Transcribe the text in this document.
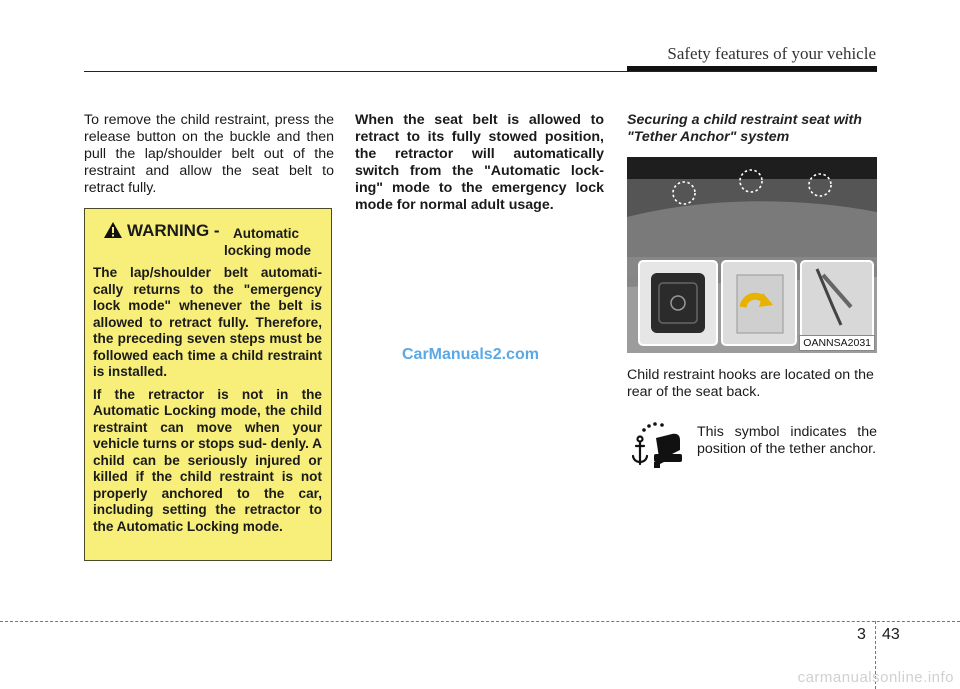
Safety features of your vehicle
To remove the child restraint, press the release button on the buckle and then pull the lap/shoulder belt out of the restraint and allow the seat belt to retract fully.
WARNING - Automatic
locking mode

The lap/shoulder belt automati- cally returns to the "emergency lock mode" whenever the belt is allowed to retract fully. Therefore, the preceding seven steps must be followed each time a child restraint is installed.

If the retractor is not in the Automatic Locking mode, the child restraint can move when your vehicle turns or stops sud- denly. A child can be seriously injured or killed if the child restraint is not properly anchored to the car, including setting the retractor to the Automatic Locking mode.

When the seat belt is allowed to retract to its fully stowed position, the retractor will automatically switch from the "Automatic lock- ing" mode to the emergency lock mode for normal adult usage.
Securing a child restraint seat with "Tether Anchor" system
OANNSA2031
Child restraint hooks are located on the rear of the seat back.
This symbol indicates the position of the tether anchor.
CarManuals2.com
3 43
carmanualsonline.info
